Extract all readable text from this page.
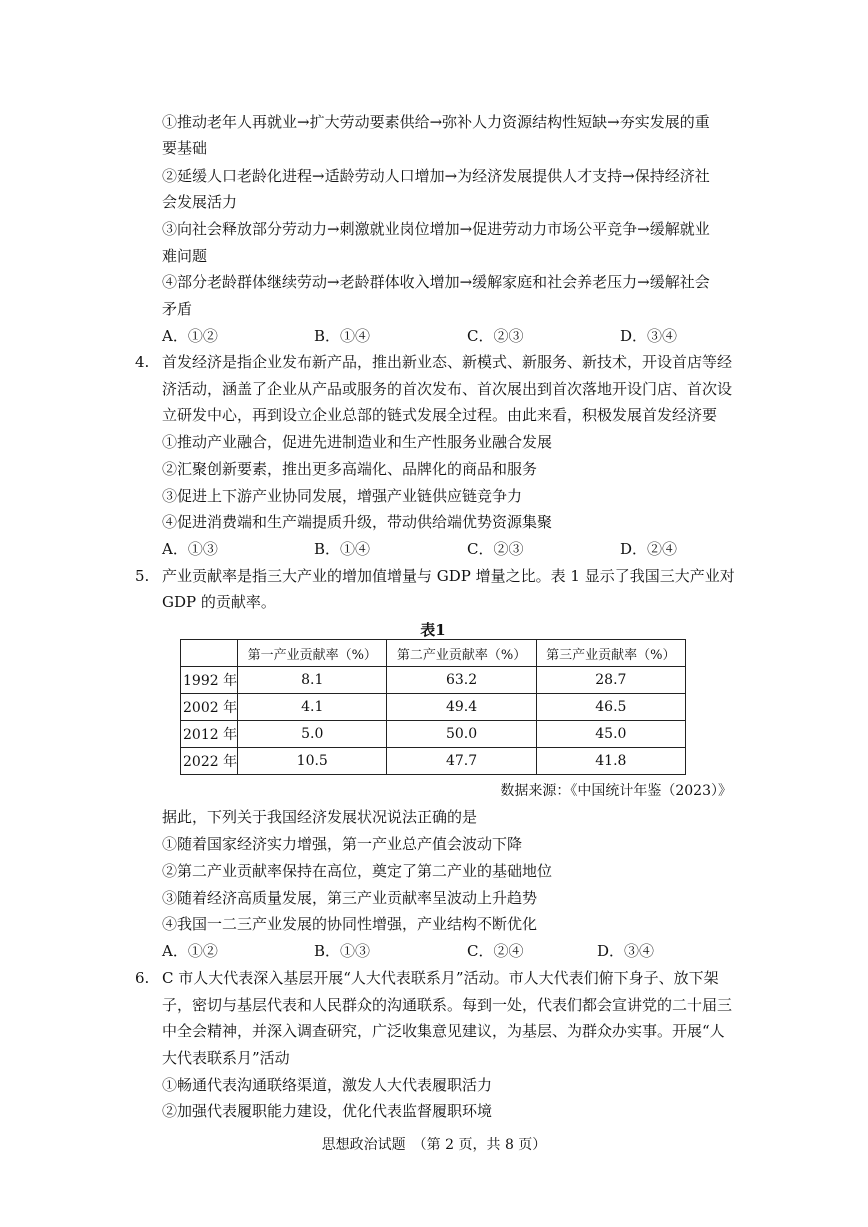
①推动老年人再就业→扩大劳动要素供给→弥补人力资源结构性短缺→夯实发展的重
要基础
②延缓人口老龄化进程→适龄劳动人口增加→为经济发展提供人才支持→保持经济社
会发展活力
③向社会释放部分劳动力→刺激就业岗位增加→促进劳动力市场公平竞争→缓解就业
难问题
④部分老龄群体继续劳动→老龄群体收入增加→缓解家庭和社会养老压力→缓解社会
矛盾
A．①②	B．①④	C．②③	D．③④
4. 首发经济是指企业发布新产品，推出新业态、新模式、新服务、新技术，开设首店等经
济活动，涵盖了企业从产品或服务的首次发布、首次展出到首次落地开设门店、首次设
立研发中心，再到设立企业总部的链式发展全过程。由此来看，积极发展首发经济要
①推动产业融合，促进先进制造业和生产性服务业融合发展
②汇聚创新要素，推出更多高端化、品牌化的商品和服务
③促进上下游产业协同发展，增强产业链供应链竞争力
④促进消费端和生产端提质升级，带动供给端优势资源集聚
A．①③	B．①④	C．②③	D．②④
5. 产业贡献率是指三大产业的增加值增量与 GDP 增量之比。表 1 显示了我国三大产业对
GDP 的贡献率。
表1
	第一产业贡献率（%）	第二产业贡献率（%）	第三产业贡献率（%）
1992 年	8.1	63.2	28.7
2002 年	4.1	49.4	46.5
2012 年	5.0	50.0	45.0
2022 年	10.5	47.7	41.8
数据来源：《中国统计年鉴（2023）》
据此，下列关于我国经济发展状况说法正确的是
①随着国家经济实力增强，第一产业总产值会波动下降
②第二产业贡献率保持在高位，奠定了第二产业的基础地位
③随着经济高质量发展，第三产业贡献率呈波动上升趋势
④我国一二三产业发展的协同性增强，产业结构不断优化
A．①②	B．①③	C．②④	D．③④
6. C 市人大代表深入基层开展“人大代表联系月”活动。市人大代表们俯下身子、放下架
子，密切与基层代表和人民群众的沟通联系。每到一处，代表们都会宣讲党的二十届三
中全会精神，并深入调查研究，广泛收集意见建议，为基层、为群众办实事。开展“人
大代表联系月”活动
①畅通代表沟通联络渠道，激发人大代表履职活力
②加强代表履职能力建设，优化代表监督履职环境
思想政治试题　（第 2 页，共 8 页）
